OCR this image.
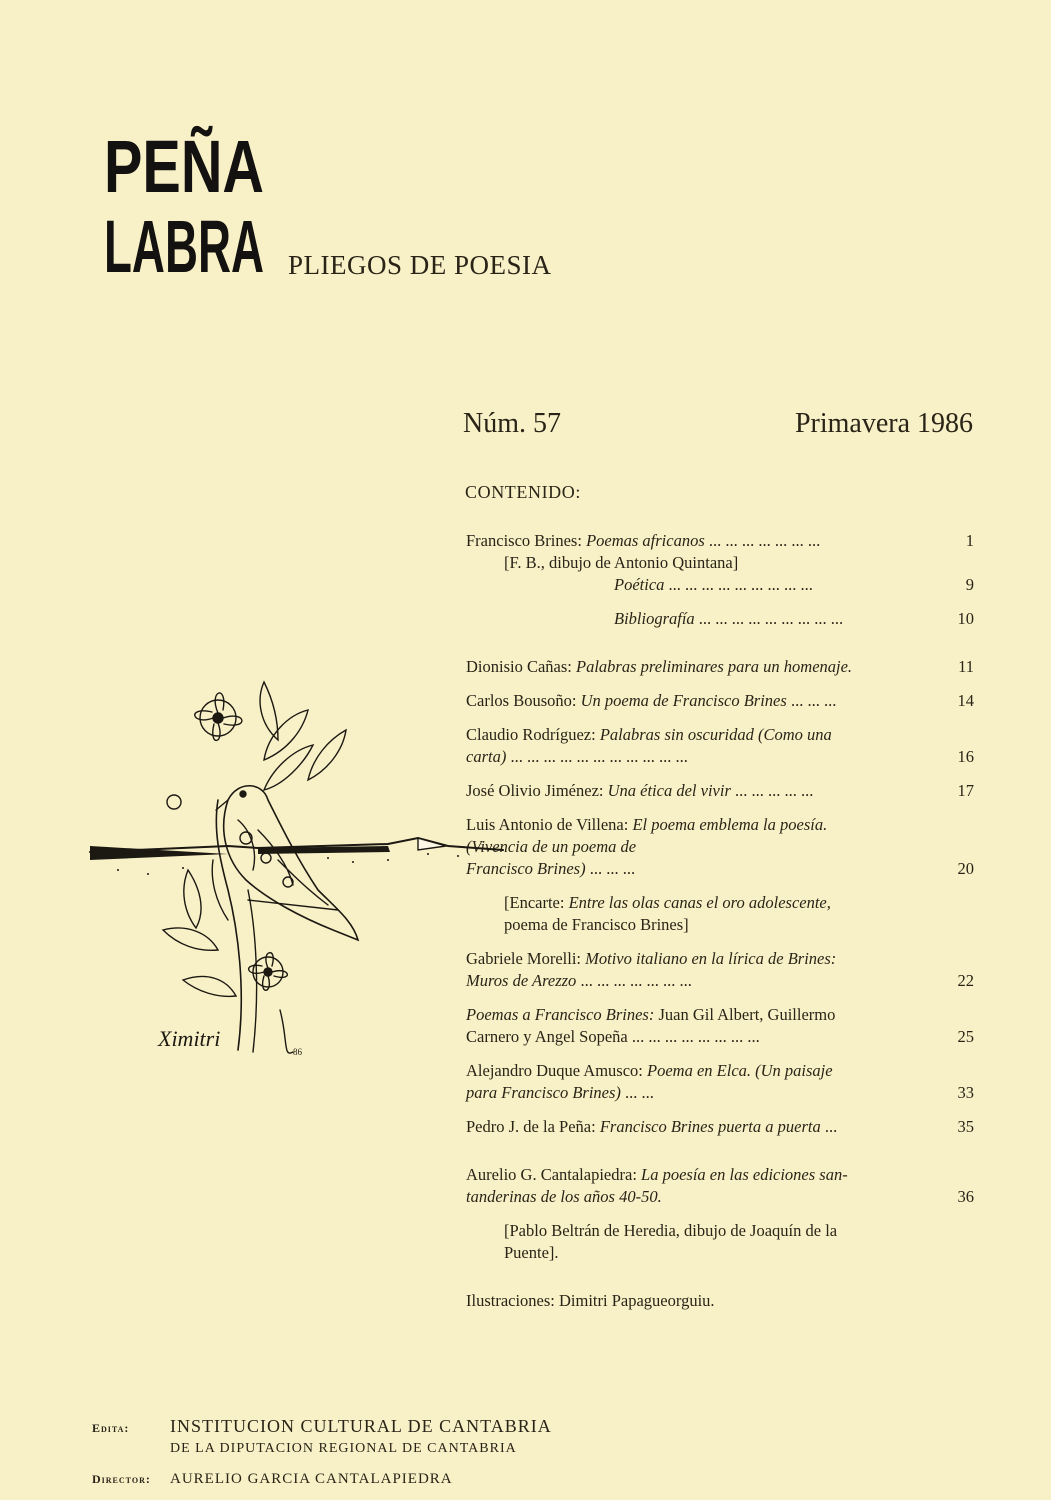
PEÑA
LABRA PLIEGOS DE POESIA
Núm. 57	Primavera 1986
CONTENIDO:
Francisco Brines: Poemas africanos ... ... ... ... ... ... ...	1
[F. B., dibujo de Antonio Quintana]
Poética ... ... ... ... ... ... ... ... ...	9
Bibliografía ... ... ... ... ... ... ... ... ...	10
Dionisio Cañas: Palabras preliminares para un homenaje.	11
Carlos Bousoño: Un poema de Francisco Brines ... ... ...	14
Claudio Rodríguez: Palabras sin oscuridad (Como una
carta) ... ... ... ... ... ... ... ... ... ... ...	16
José Olivio Jiménez: Una ética del vivir ... ... ... ... ...	17
Luis Antonio de Villena: El poema emblema la poesía.
(Vivencia de un poema de
Francisco Brines) ... ... ...	20
[Encarte: Entre las olas canas el oro adolescente,
poema de Francisco Brines]
Gabriele Morelli: Motivo italiano en la lírica de Brines:
Muros de Arezzo ... ... ... ... ... ... ...	22
Poemas a Francisco Brines: Juan Gil Albert, Guillermo
Carnero y Angel Sopeña ... ... ... ... ... ... ... ...	25
Alejandro Duque Amusco: Poema en Elca. (Un paisaje
para Francisco Brines) ... ...	33
Pedro J. de la Peña: Francisco Brines puerta a puerta ...	35
Aurelio G. Cantalapiedra: La poesía en las ediciones san-
tanderinas de los años 40-50.	36
[Pablo Beltrán de Heredia, dibujo de Joaquín de la
Puente].
Ilustraciones: Dimitri Papagueorguiu.
Ximitri
86
Edita:	INSTITUCION CULTURAL DE CANTABRIA
DE LA DIPUTACION REGIONAL DE CANTABRIA
Director:	AURELIO GARCIA CANTALAPIEDRA
